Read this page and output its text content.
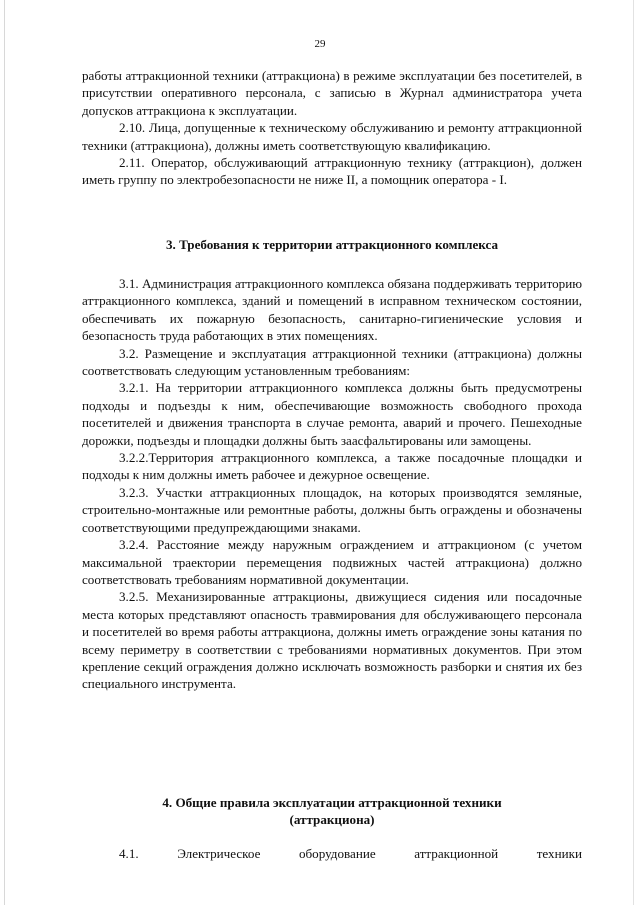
29

работы аттракционной техники (аттракциона) в режиме эксплуатации без посетителей, в присутствии оперативного персонала, с записью в Журнал администратора учета допусков аттракциона к эксплуатации.

2.10. Лица, допущенные к техническому обслуживанию и ремонту аттракционной техники (аттракциона), должны иметь соответствующую квалификацию.

2.11. Оператор, обслуживающий аттракционную технику (аттракцион), должен иметь группу по электробезопасности не ниже II, а помощник оператора - I.

3. Требования к территории аттракционного комплекса

3.1. Администрация аттракционного комплекса обязана поддерживать территорию аттракционного комплекса, зданий и помещений в исправном техническом состоянии, обеспечивать их пожарную безопасность, санитарно-гигиенические условия и безопасность труда работающих в этих помещениях.

3.2. Размещение и эксплуатация аттракционной техники (аттракциона) должны соответствовать следующим установленным требованиям:

3.2.1. На территории аттракционного комплекса должны быть предусмотрены подходы и подъезды к ним, обеспечивающие возможность свободного прохода посетителей и движения транспорта в случае ремонта, аварий и прочего. Пешеходные дорожки, подъезды и площадки должны быть заасфальтированы или замощены.

3.2.2.Территория аттракционного комплекса, а также посадочные площадки и подходы к ним должны иметь рабочее и дежурное освещение.

3.2.3. Участки аттракционных площадок, на которых производятся земляные, строительно-монтажные или ремонтные работы, должны быть ограждены и обозначены соответствующими предупреждающими знаками.

3.2.4. Расстояние между наружным ограждением и аттракционом (с учетом максимальной траектории перемещения подвижных частей аттракциона) должно соответствовать требованиям нормативной документации.

3.2.5. Механизированные аттракционы, движущиеся сидения или посадочные места которых представляют опасность травмирования для обслуживающего персонала и посетителей во время работы аттракциона, должны иметь ограждение зоны катания по всему периметру в соответствии с требованиями нормативных документов. При этом крепление секций ограждения должно исключать возможность разборки и снятия их без специального инструмента.

4. Общие правила эксплуатации аттракционной техники

(аттракциона)

4.1. Электрическое оборудование аттракционной техники
